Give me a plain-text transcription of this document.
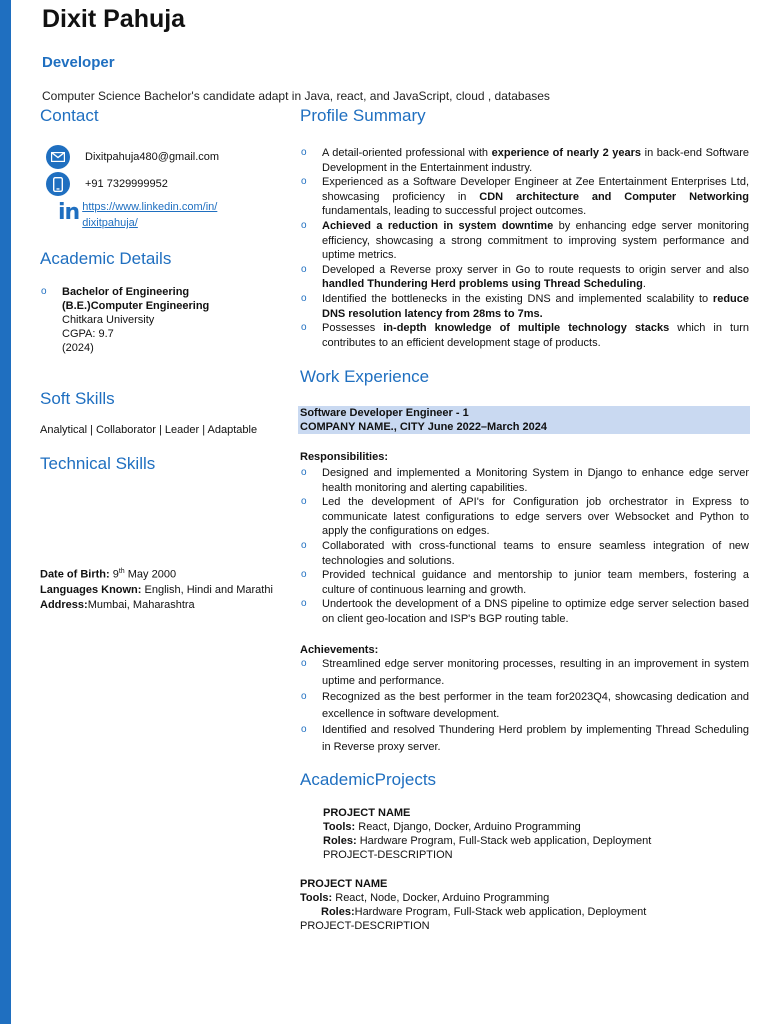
Dixit Pahuja
Developer
Computer Science Bachelor's candidate adapt in Java, react, and JavaScript, cloud , databases
Contact
Dixitpahuja480@gmail.com
+91 7329999952
in https://www.linkedin.com/in/
dixitpahuja/
Academic Details
o Bachelor of Engineering
(B.E.)Computer Engineering
Chitkara University
CGPA: 9.7
(2024)
Soft Skills
Analytical | Collaborator | Leader | Adaptable
Technical Skills
Date of Birth: 9th May 2000
Languages Known: English, Hindi and Marathi
Address:Mumbai, Maharashtra
Profile Summary
o A detail-oriented professional with experience of nearly 2 years in back-end Software Development in the Entertainment industry.
o Experienced as a Software Developer Engineer at Zee Entertainment Enterprises Ltd, showcasing proficiency in CDN architecture and Computer Networking fundamentals, leading to successful project outcomes.
o Achieved a reduction in system downtime by enhancing edge server monitoring efficiency, showcasing a strong commitment to improving system performance and uptime metrics.
o Developed a Reverse proxy server in Go to route requests to origin server and also handled Thundering Herd problems using Thread Scheduling.
o Identified the bottlenecks in the existing DNS and implemented scalability to reduce DNS resolution latency from 28ms to 7ms.
o Possesses in-depth knowledge of multiple technology stacks which in turn contributes to an efficient development stage of products.
Work Experience
Software Developer Engineer - 1
COMPANY NAME., CITY June 2022–March 2024
Responsibilities:
o Designed and implemented a Monitoring System in Django to enhance edge server health monitoring and alerting capabilities.
o Led the development of API's for Configuration job orchestrator in Express to communicate latest configurations to edge servers over Websocket and Python to apply the configurations on edges.
o Collaborated with cross-functional teams to ensure seamless integration of new technologies and solutions.
o Provided technical guidance and mentorship to junior team members, fostering a culture of continuous learning and growth.
o Undertook the development of a DNS pipeline to optimize edge server selection based on client geo-location and ISP's BGP routing table.
Achievements:
o Streamlined edge server monitoring processes, resulting in an improvement in system uptime and performance.
o Recognized as the best performer in the team for2023Q4, showcasing dedication and excellence in software development.
o Identified and resolved Thundering Herd problem by implementing Thread Scheduling in Reverse proxy server.
AcademicProjects
PROJECT NAME
Tools: React, Django, Docker, Arduino Programming
Roles: Hardware Program, Full-Stack web application, Deployment
PROJECT-DESCRIPTION
PROJECT NAME
Tools: React, Node, Docker, Arduino Programming
Roles:Hardware Program, Full-Stack web application, Deployment
PROJECT-DESCRIPTION
